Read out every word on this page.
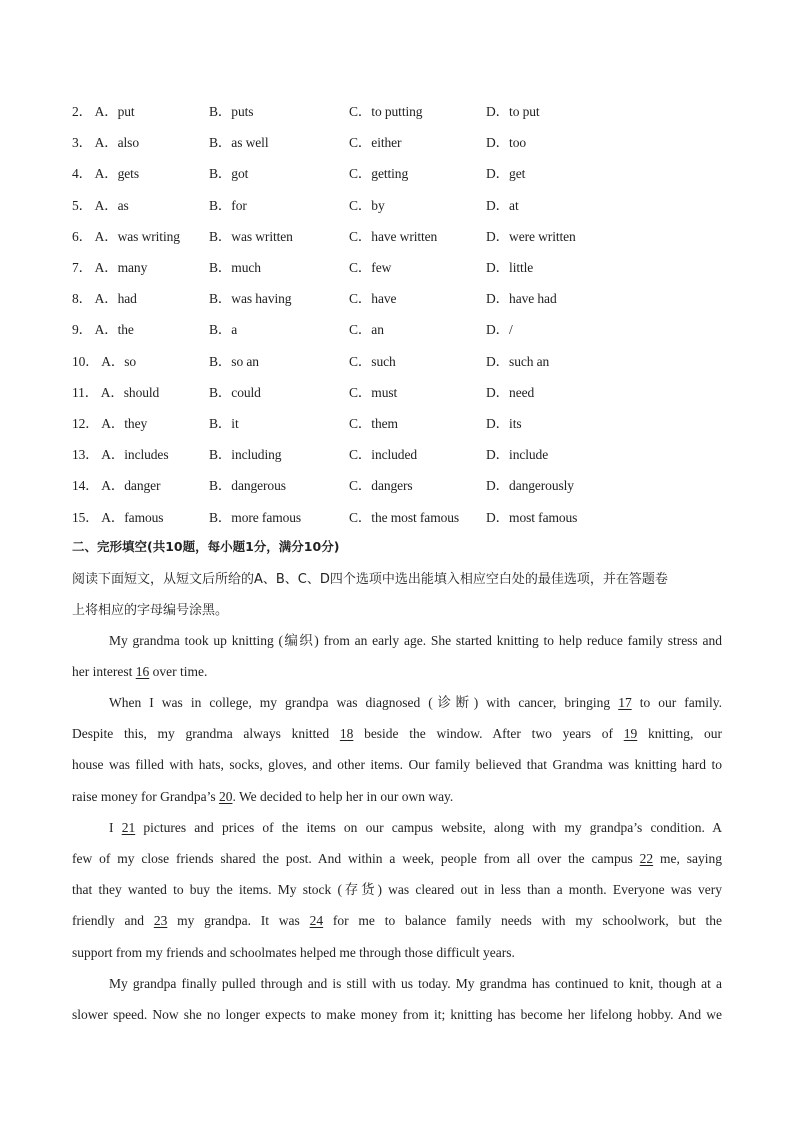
2． A．put	B．puts	C．to putting	D．to put
3． A．also	B．as well	C．either	D．too
4． A．gets	B．got	C．getting	D．get
5． A．as	B．for	C．by	D．at
6． A．was writing B．was written	C．have written	D．were written
7． A．many	B．much	C．few	D．little
8． A．had	B．was having	C．have	D．have had
9． A．the	B．a	C．an	D．/
10． A．so	B．so an	C．such	D．such an
11． A．should	B．could	C．must	D．need
12． A．they	B．it	C．them	D．its
13． A．includes	B．including	C．included	D．include
14． A．danger	B．dangerous	C．dangers	D．dangerously
15． A．famous	B．more famous	C．the most famous D．most famous
二、完形填空(共10题，每小题1分，满分10分)
阅读下面短文，从短文后所给的A、B、C、D四个选项中选出能填入相应空白处的最佳选项，并在答题卷
上将相应的字母编号涂黑。
My grandma took up knitting (编织) from an early age. She started knitting to help reduce family stress and
her interest 16 over time.
When I was in college, my grandpa was diagnosed (诊断) with cancer, bringing 17 to our family.
Despite this, my grandma always knitted 18 beside the window. After two years of 19 knitting, our
house was filled with hats, socks, gloves, and other items. Our family believed that Grandma was knitting hard to
raise money for Grandpa’s 20. We decided to help her in our own way.
I 21 pictures and prices of the items on our campus website, along with my grandpa’s condition. A
few of my close friends shared the post. And within a week, people from all over the campus 22 me, saying
that they wanted to buy the items. My stock (存货) was cleared out in less than a month. Everyone was very
friendly and 23 my grandpa. It was 24 for me to balance family needs with my schoolwork, but the
support from my friends and schoolmates helped me through those difficult years.
My grandpa finally pulled through and is still with us today. My grandma has continued to knit, though at a
slower speed. Now she no longer expects to make money from it; knitting has become her lifelong hobby. And we
